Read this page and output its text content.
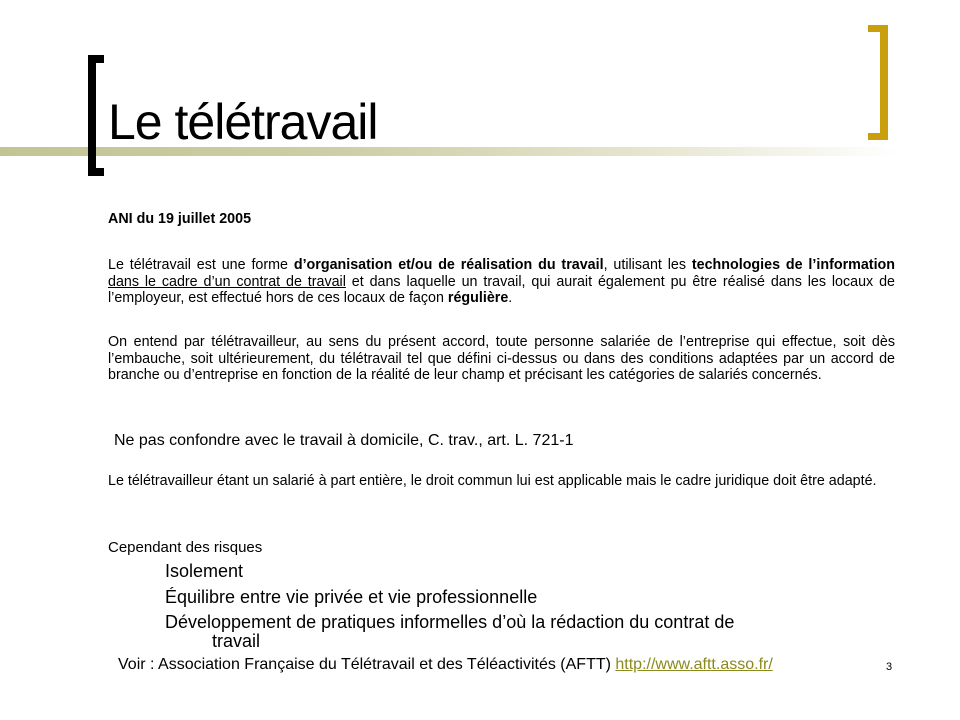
Le télétravail
ANI du 19 juillet 2005
Le télétravail est une forme d’organisation et/ou de réalisation du travail, utilisant les technologies de l’information dans le cadre d’un contrat de travail et dans laquelle un travail, qui aurait également pu être réalisé dans les locaux de l’employeur, est effectué hors de ces locaux de façon régulière.
On entend par télétravailleur, au sens du présent accord, toute personne salariée de l’entreprise qui effectue, soit dès l’embauche, soit ultérieurement, du télétravail tel que défini ci-dessus ou dans des conditions adaptées par un accord de branche ou d’entreprise en fonction de la réalité de leur champ et précisant les catégories de salariés concernés.
Ne pas confondre avec le travail à domicile, C. trav., art. L. 721-1
Le télétravailleur étant un salarié à part entière, le droit commun lui est applicable mais le cadre juridique doit être adapté.
Cependant des risques
Isolement
Équilibre entre vie privée et vie professionnelle
Développement de pratiques informelles d’où la rédaction du contrat de
travail
Voir : Association Française du Télétravail et des Téléactivités (AFTT) http://www.aftt.asso.fr/	3
